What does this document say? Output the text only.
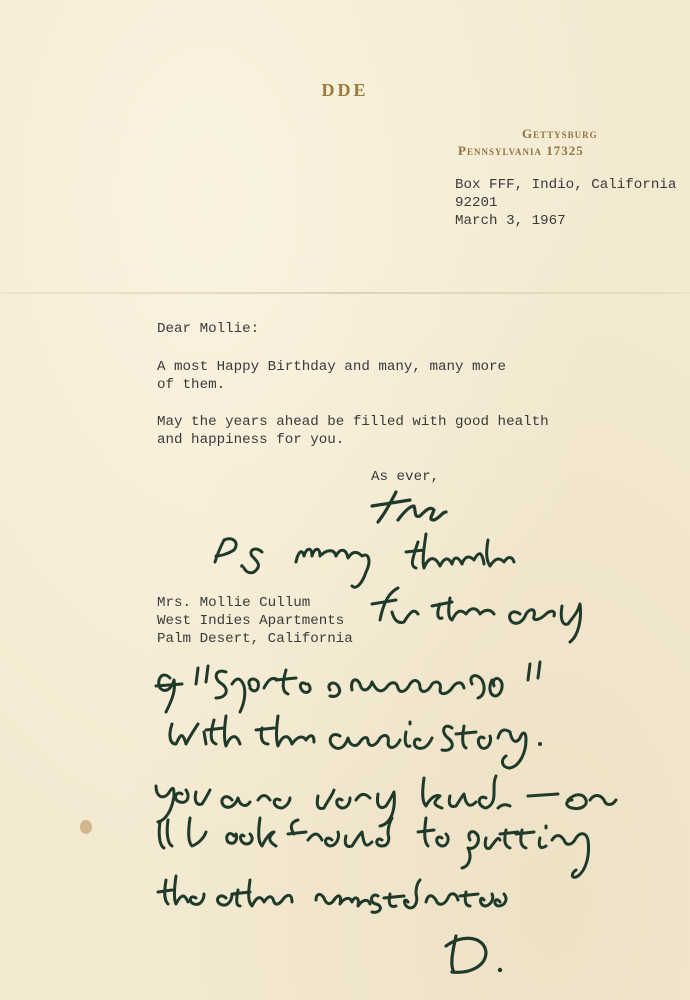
DDE
Gettysburg
Pennsylvania 17325
Box FFF, Indio, California
92201
March 3, 1967
Dear Mollie:
A most Happy Birthday and many, many more
of them.
May the years ahead be filled with good health
and happiness for you.
As ever,
Mrs. Mollie Cullum
West Indies Apartments
Palm Desert, California
